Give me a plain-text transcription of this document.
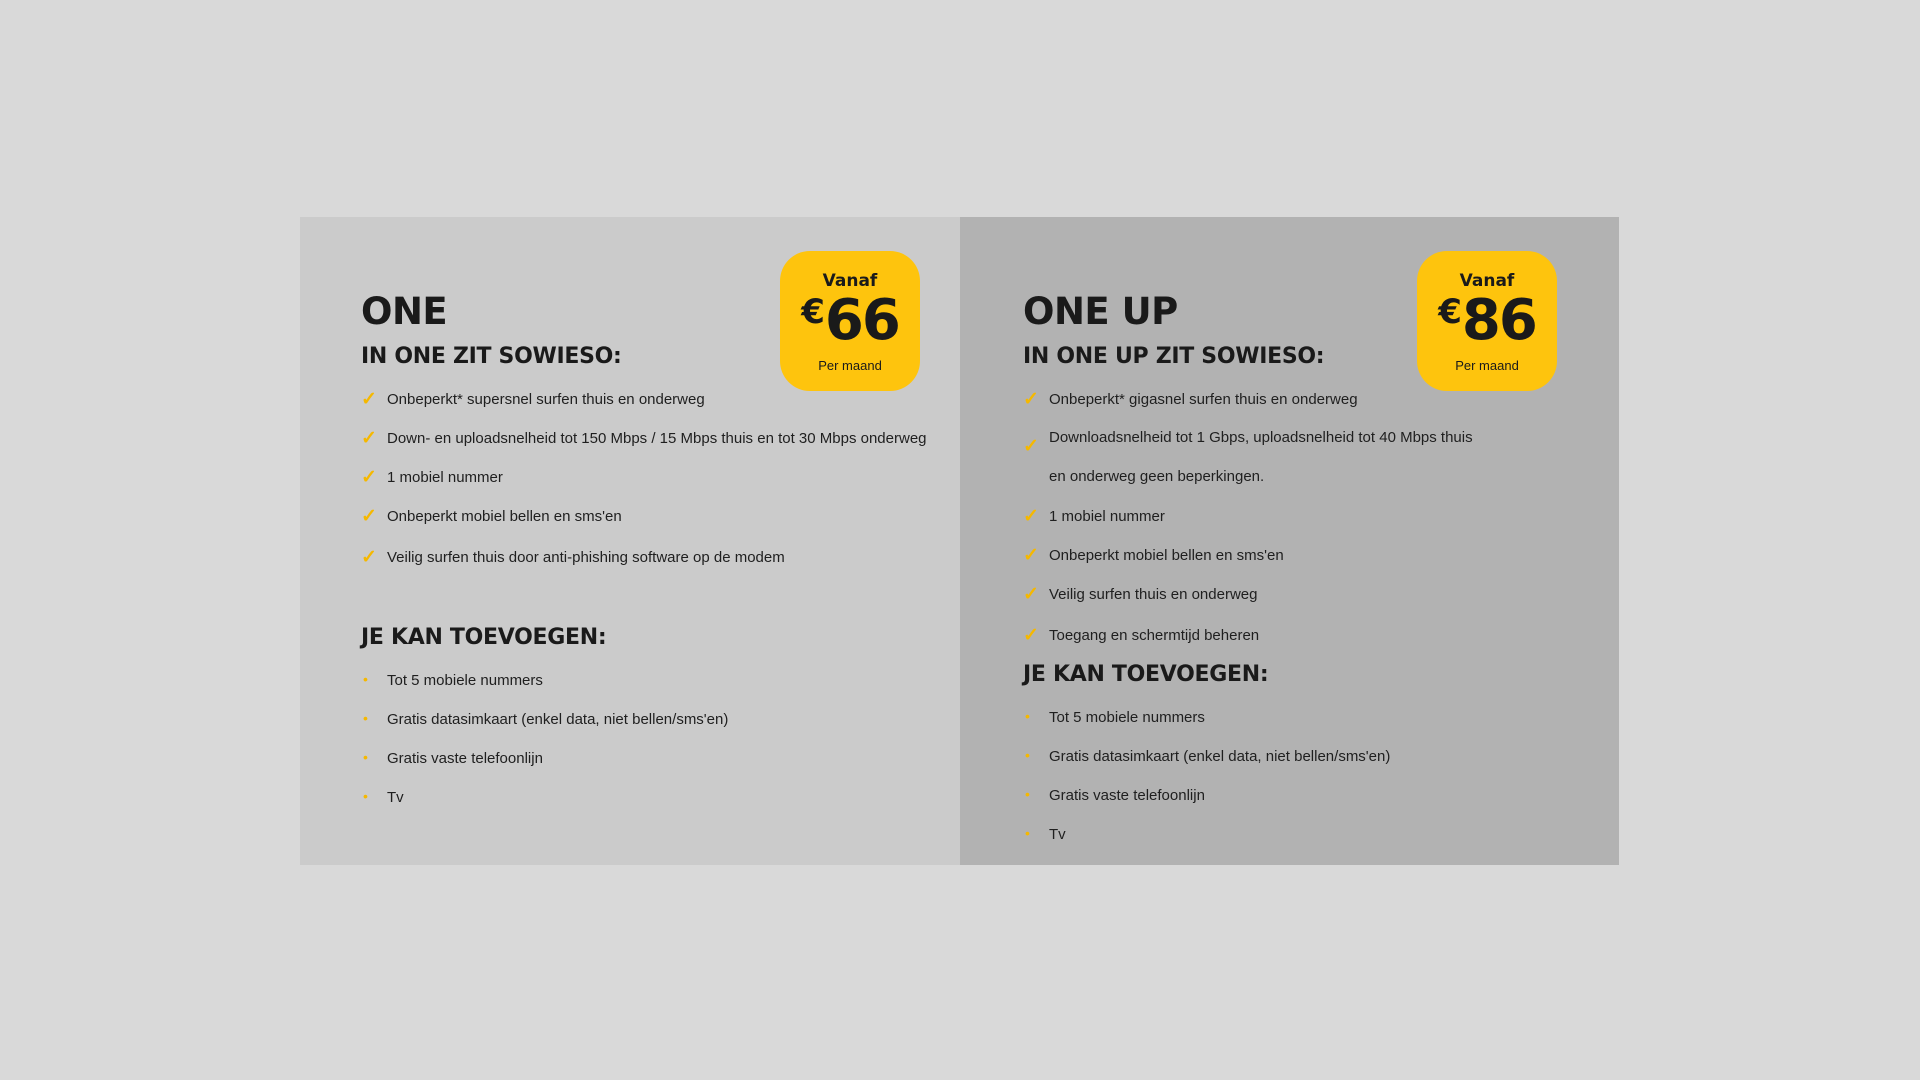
ONE
Vanaf
€66
Per maand
IN ONE ZIT SOWIESO:
✓ Onbeperkt* supersnel surfen thuis en onderweg
✓ Down- en uploadsnelheid tot 150 Mbps / 15 Mbps thuis en tot 30 Mbps onderweg
✓ 1 mobiel nummer
✓ Onbeperkt mobiel bellen en sms'en
✓ Veilig surfen thuis door anti-phishing software op de modem
JE KAN TOEVOEGEN:
• Tot 5 mobiele nummers
• Gratis datasimkaart (enkel data, niet bellen/sms'en)
• Gratis vaste telefoonlijn
• Tv
ONE UP
Vanaf
€86
Per maand
IN ONE UP ZIT SOWIESO:
✓ Onbeperkt* gigasnel surfen thuis en onderweg
✓ Downloadsnelheid tot 1 Gbps, uploadsnelheid tot 40 Mbps thuis en onderweg geen beperkingen.
✓ 1 mobiel nummer
✓ Onbeperkt mobiel bellen en sms'en
✓ Veilig surfen thuis en onderweg
✓ Toegang en schermtijd beheren
JE KAN TOEVOEGEN:
• Tot 5 mobiele nummers
• Gratis datasimkaart (enkel data, niet bellen/sms'en)
• Gratis vaste telefoonlijn
• Tv
